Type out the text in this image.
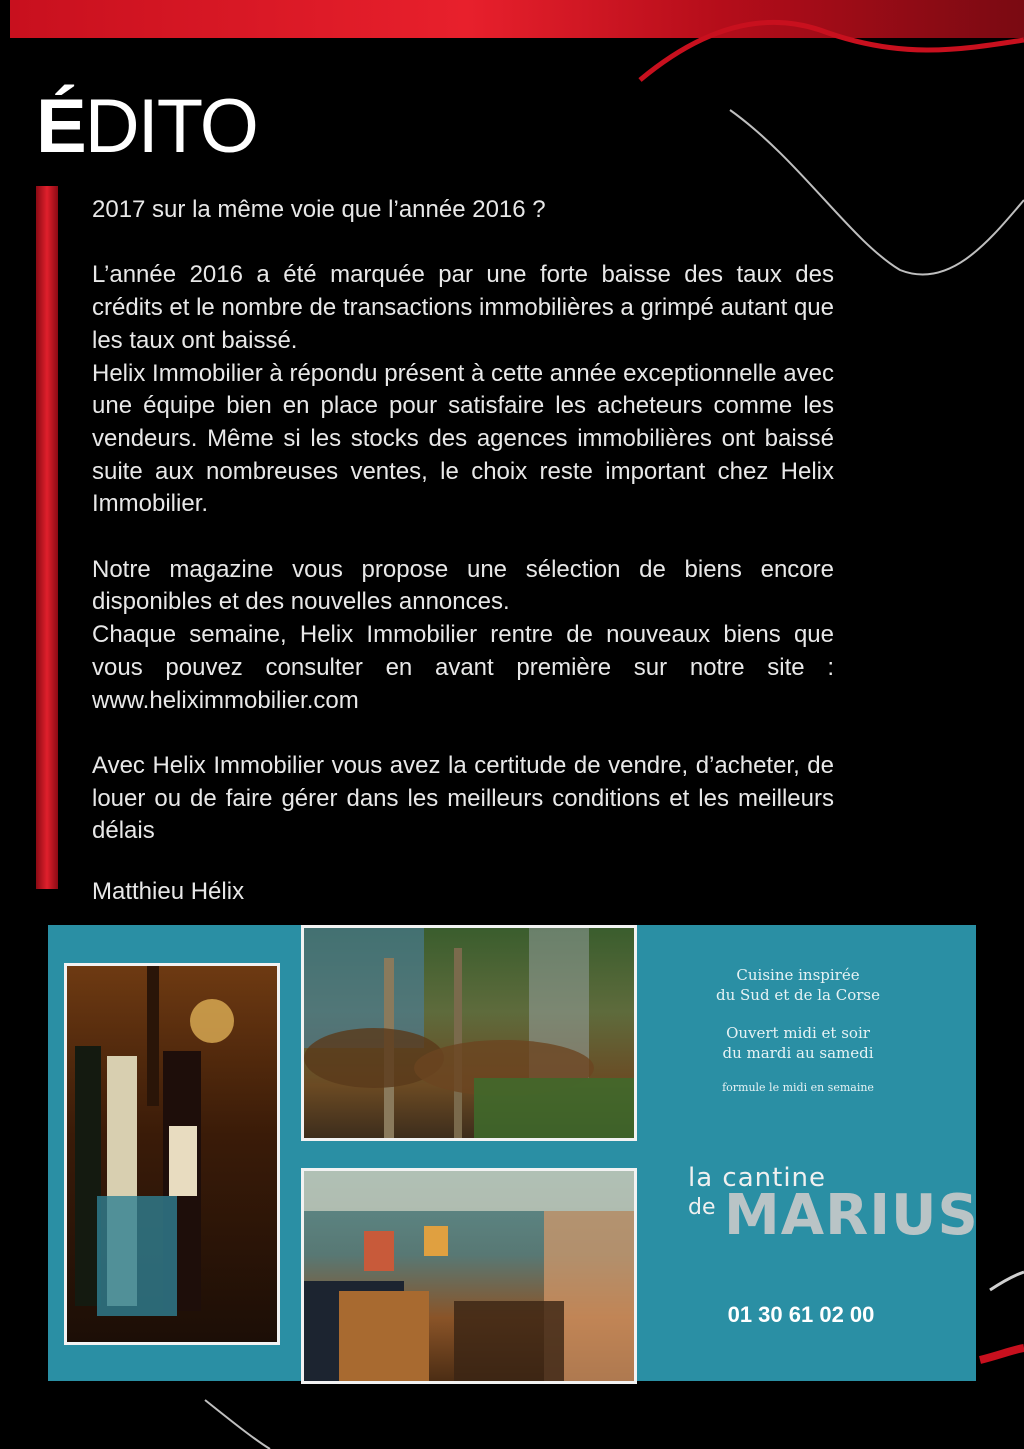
ÉDITO

2017 sur la même voie que l’année 2016 ?

L’année 2016 a été marquée par une forte baisse des taux des crédits et le nombre de transactions immobilières a grimpé autant que les taux ont baissé.

Helix Immobilier à répondu présent à cette année exceptionnelle avec une équipe bien en place pour satisfaire les acheteurs comme les vendeurs. Même si les stocks des agences immobilières ont baissé suite aux nombreuses ventes, le choix reste important chez Helix Immobilier.

Notre magazine vous propose une sélection de biens encore disponibles et des nouvelles annonces.

Chaque semaine, Helix Immobilier rentre de nouveaux biens que vous pouvez consulter en avant première sur notre site : www.heliximmobilier.com

Avec Helix Immobilier vous avez la certitude de vendre, d’acheter, de louer ou de faire gérer dans les meilleurs conditions et les meilleurs délais

Matthieu Hélix
Cuisine inspirée
du Sud et de la Corse
Ouvert midi et soir
du mardi au samedi
formule le midi en semaine
la cantine
de MARIUS
01 30 61 02 00
